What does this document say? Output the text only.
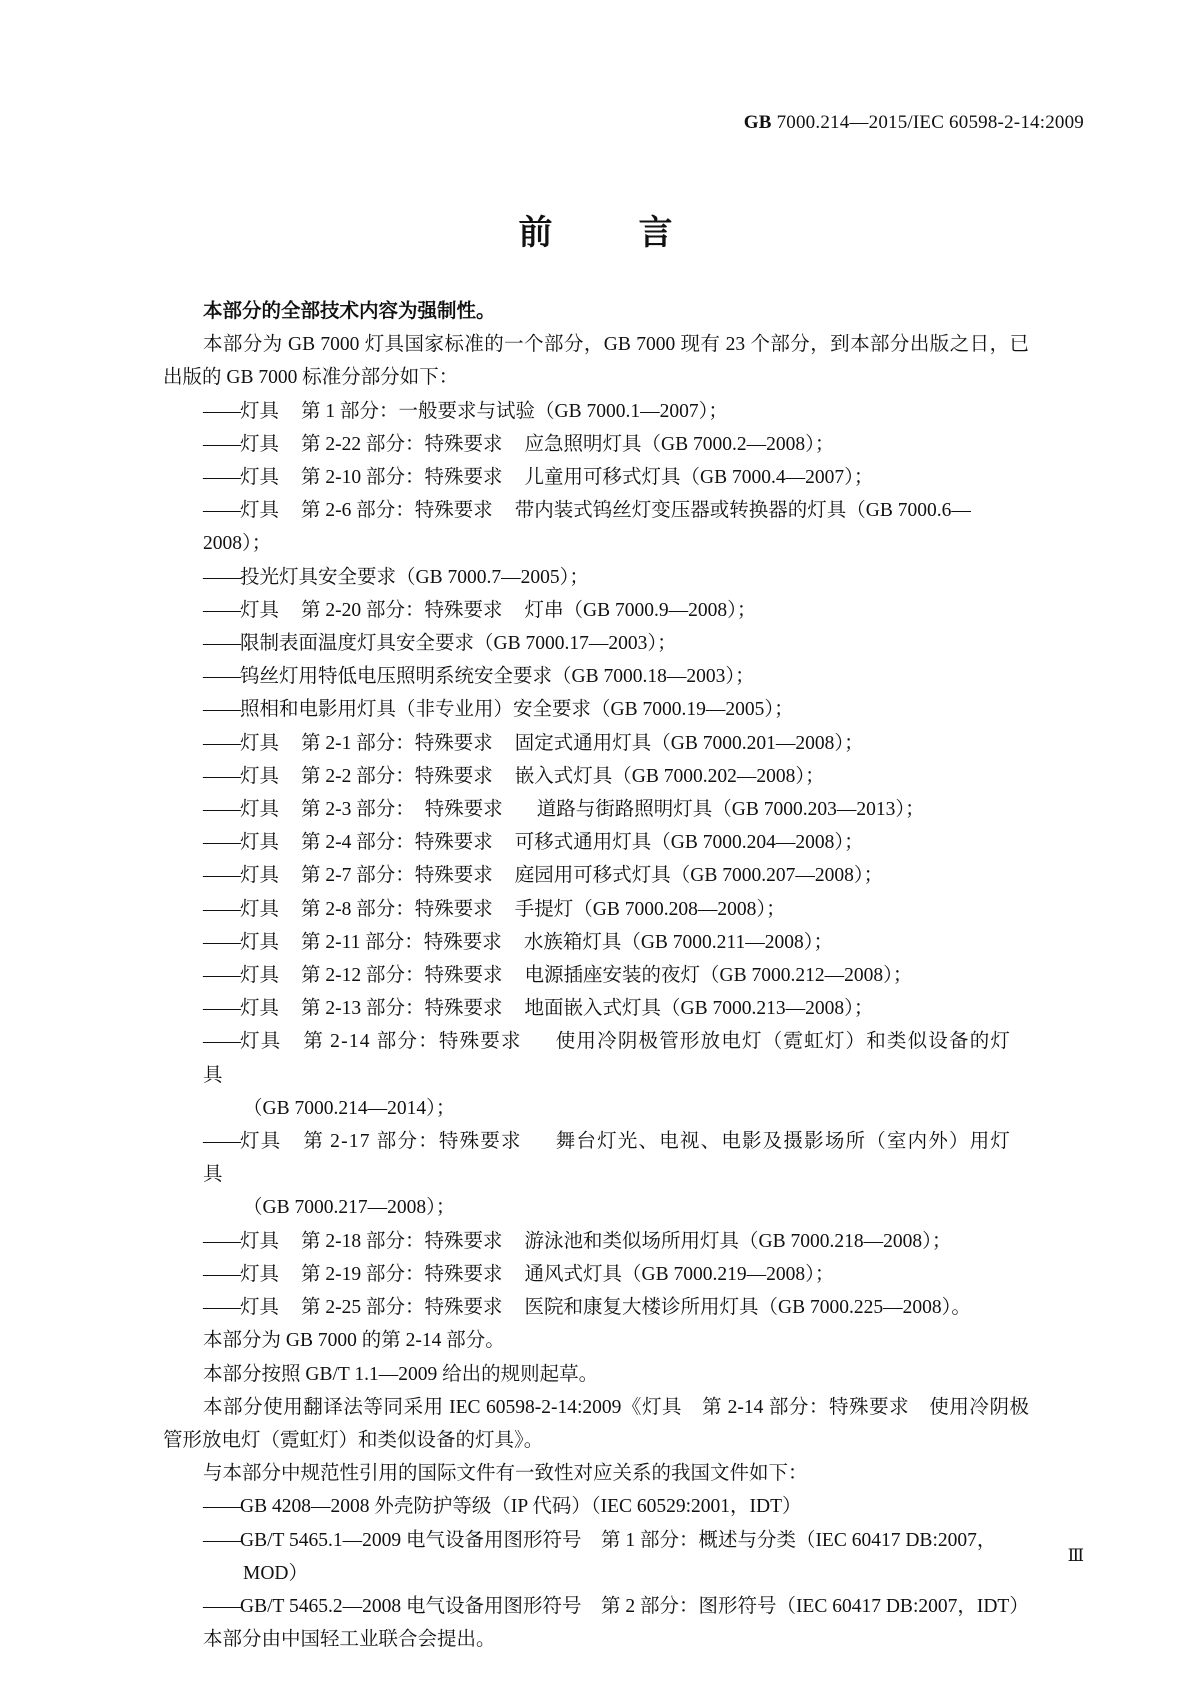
GB 7000.214—2015/IEC 60598-2-14:2009
前　言

本部分的全部技术内容为强制性。

本部分为 GB 7000 灯具国家标准的一个部分，GB 7000 现有 23 个部分，到本部分出版之日，已出版的 GB 7000 标准分部分如下：

——灯具 第 1 部分：一般要求与试验（GB 7000.1—2007）；

——灯具 第 2-22 部分：特殊要求 应急照明灯具（GB 7000.2—2008）；

——灯具 第 2-10 部分：特殊要求 儿童用可移式灯具（GB 7000.4—2007）；

——灯具 第 2-6 部分：特殊要求 带内装式钨丝灯变压器或转换器的灯具（GB 7000.6—2008）；

——投光灯具安全要求（GB 7000.7—2005）；

——灯具 第 2-20 部分：特殊要求 灯串（GB 7000.9—2008）；

——限制表面温度灯具安全要求（GB 7000.17—2003）；

——钨丝灯用特低电压照明系统安全要求（GB 7000.18—2003）；

——照相和电影用灯具（非专业用）安全要求（GB 7000.19—2005）；

——灯具 第 2-1 部分：特殊要求 固定式通用灯具（GB 7000.201—2008）；

——灯具 第 2-2 部分：特殊要求 嵌入式灯具（GB 7000.202—2008）；

——灯具 第 2-3 部分： 特殊要求 道路与街路照明灯具（GB 7000.203—2013）；

——灯具 第 2-4 部分：特殊要求 可移式通用灯具（GB 7000.204—2008）；

——灯具 第 2-7 部分：特殊要求 庭园用可移式灯具（GB 7000.207—2008）；

——灯具 第 2-8 部分：特殊要求 手提灯（GB 7000.208—2008）；

——灯具 第 2-11 部分：特殊要求 水族箱灯具（GB 7000.211—2008）；

——灯具 第 2-12 部分：特殊要求 电源插座安装的夜灯（GB 7000.212—2008）；

——灯具 第 2-13 部分：特殊要求 地面嵌入式灯具（GB 7000.213—2008）；

——灯具 第 2-14 部分：特殊要求 使用冷阴极管形放电灯（霓虹灯）和类似设备的灯具

（GB 7000.214—2014）；

——灯具 第 2-17 部分：特殊要求 舞台灯光、电视、电影及摄影场所（室内外）用灯具

（GB 7000.217—2008）；

——灯具 第 2-18 部分：特殊要求 游泳池和类似场所用灯具（GB 7000.218—2008）；

——灯具 第 2-19 部分：特殊要求 通风式灯具（GB 7000.219—2008）；

——灯具 第 2-25 部分：特殊要求 医院和康复大楼诊所用灯具（GB 7000.225—2008）。

本部分为 GB 7000 的第 2-14 部分。

本部分按照 GB/T 1.1—2009 给出的规则起草。

本部分使用翻译法等同采用 IEC 60598-2-14:2009《灯具　第 2-14 部分：特殊要求　使用冷阴极管形放电灯（霓虹灯）和类似设备的灯具》。

与本部分中规范性引用的国际文件有一致性对应关系的我国文件如下：

——GB 4208—2008 外壳防护等级（IP 代码）（IEC 60529:2001，IDT）

——GB/T 5465.1—2009 电气设备用图形符号　第 1 部分：概述与分类（IEC 60417 DB:2007，

MOD）

——GB/T 5465.2—2008 电气设备用图形符号　第 2 部分：图形符号（IEC 60417 DB:2007，IDT）

本部分由中国轻工业联合会提出。

Ⅲ
